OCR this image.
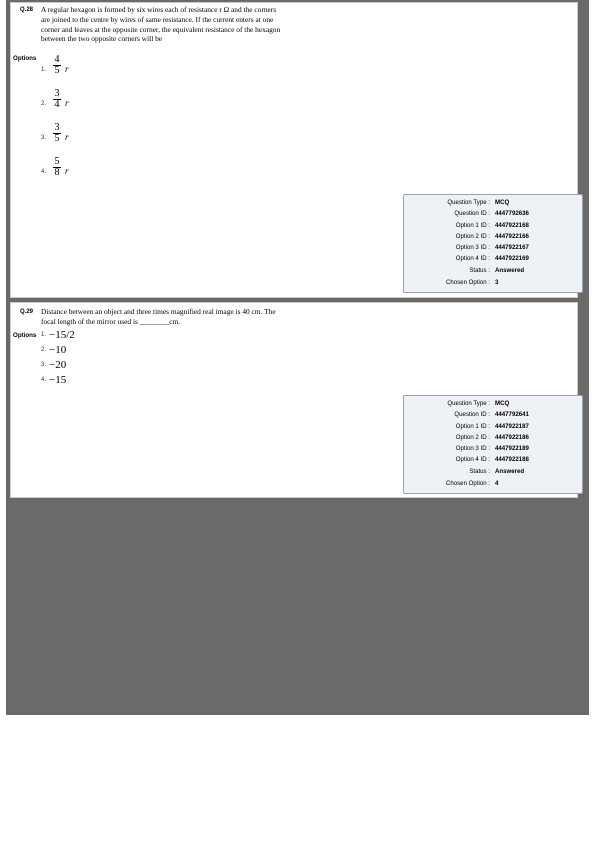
Q.28 A regular hexagon is formed by six wires each of resistance r Ω and the corners
are joined to the centre by wires of same resistance. If the current enters at one
corner and leaves at the opposite corner, the equivalent resistance of the hexagon
between the two opposite corners will be
Options
1.
4
5 r
2.
3
4 r
3.
3
5 r
4.
5
8 r
Question Type : MCQ
Question ID : 4447792636
Option 1 ID : 4447922168
Option 2 ID : 4447922166
Option 3 ID : 4447922167
Option 4 ID : 4447922169
Status : Answered
Chosen Option : 3
Q.29 Distance between an object and three times magnified real image is 40 cm. The
focal length of the mirror used is ________cm.
Options 1. −15/2
2. −10
3. −20
4. −15
Question Type : MCQ
Question ID : 4447792641
Option 1 ID : 4447922187
Option 2 ID : 4447922186
Option 3 ID : 4447922189
Option 4 ID : 4447922188
Status : Answered
Chosen Option : 4
